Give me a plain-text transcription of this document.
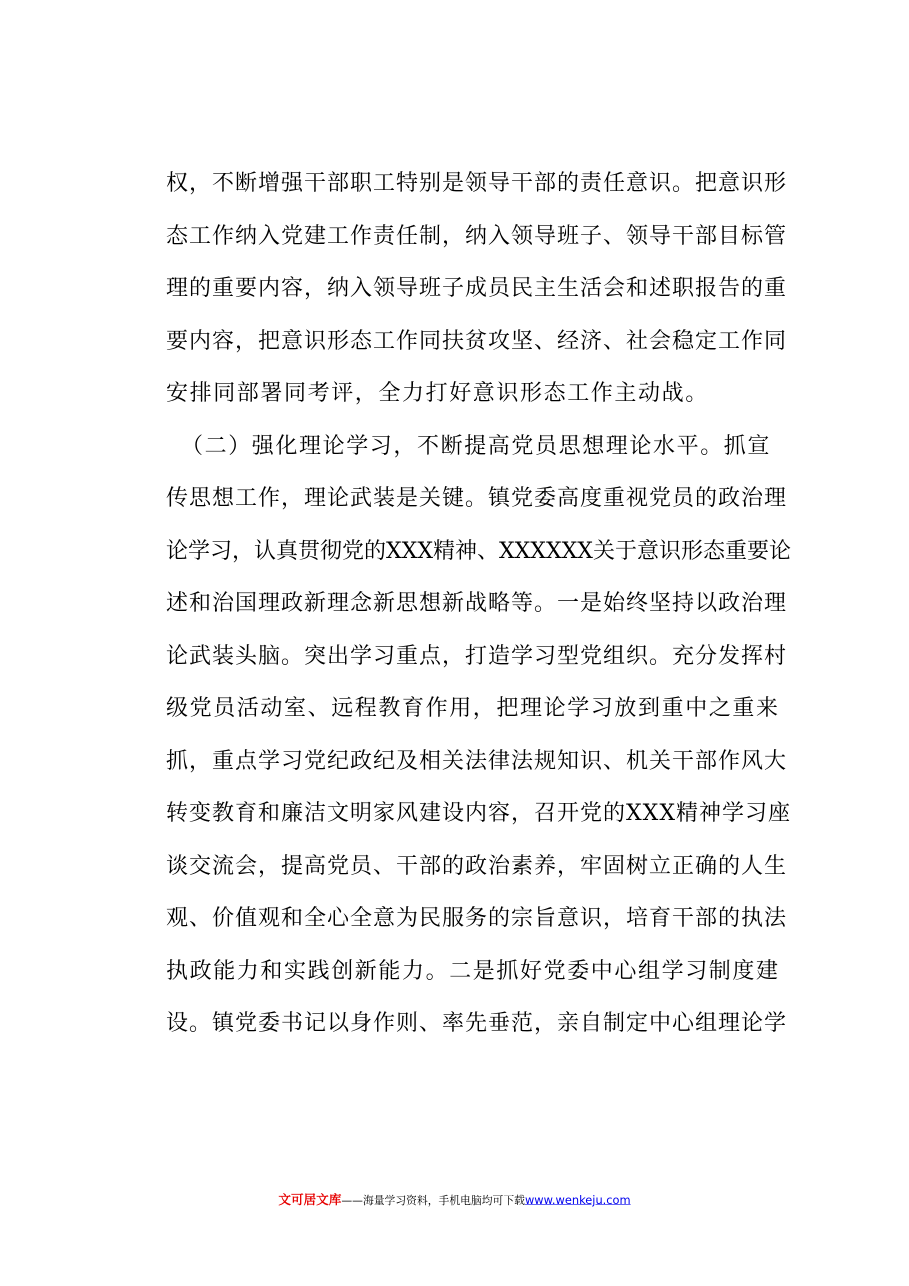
权，不断增强干部职工特别是领导干部的责任意识。把意识形
态工作纳入党建工作责任制，纳入领导班子、领导干部目标管
理的重要内容，纳入领导班子成员民主生活会和述职报告的重
要内容，把意识形态工作同扶贫攻坚、经济、社会稳定工作同
安排同部署同考评，全力打好意识形态工作主动战。
（二）强化理论学习，不断提高党员思想理论水平。抓宣
传思想工作，理论武装是关键。镇党委高度重视党员的政治理
论学习，认真贯彻党的XXX精神、XXXXXX关于意识形态重要论
述和治国理政新理念新思想新战略等。一是始终坚持以政治理
论武装头脑。突出学习重点，打造学习型党组织。充分发挥村
级党员活动室、远程教育作用，把理论学习放到重中之重来
抓，重点学习党纪政纪及相关法律法规知识、机关干部作风大
转变教育和廉洁文明家风建设内容，召开党的XXX精神学习座
谈交流会，提高党员、干部的政治素养，牢固树立正确的人生
观、价值观和全心全意为民服务的宗旨意识，培育干部的执法
执政能力和实践创新能力。二是抓好党委中心组学习制度建
设。镇党委书记以身作则、率先垂范，亲自制定中心组理论学
文可居文库——海量学习资料，手机电脑均可下载www.wenkeju.com
